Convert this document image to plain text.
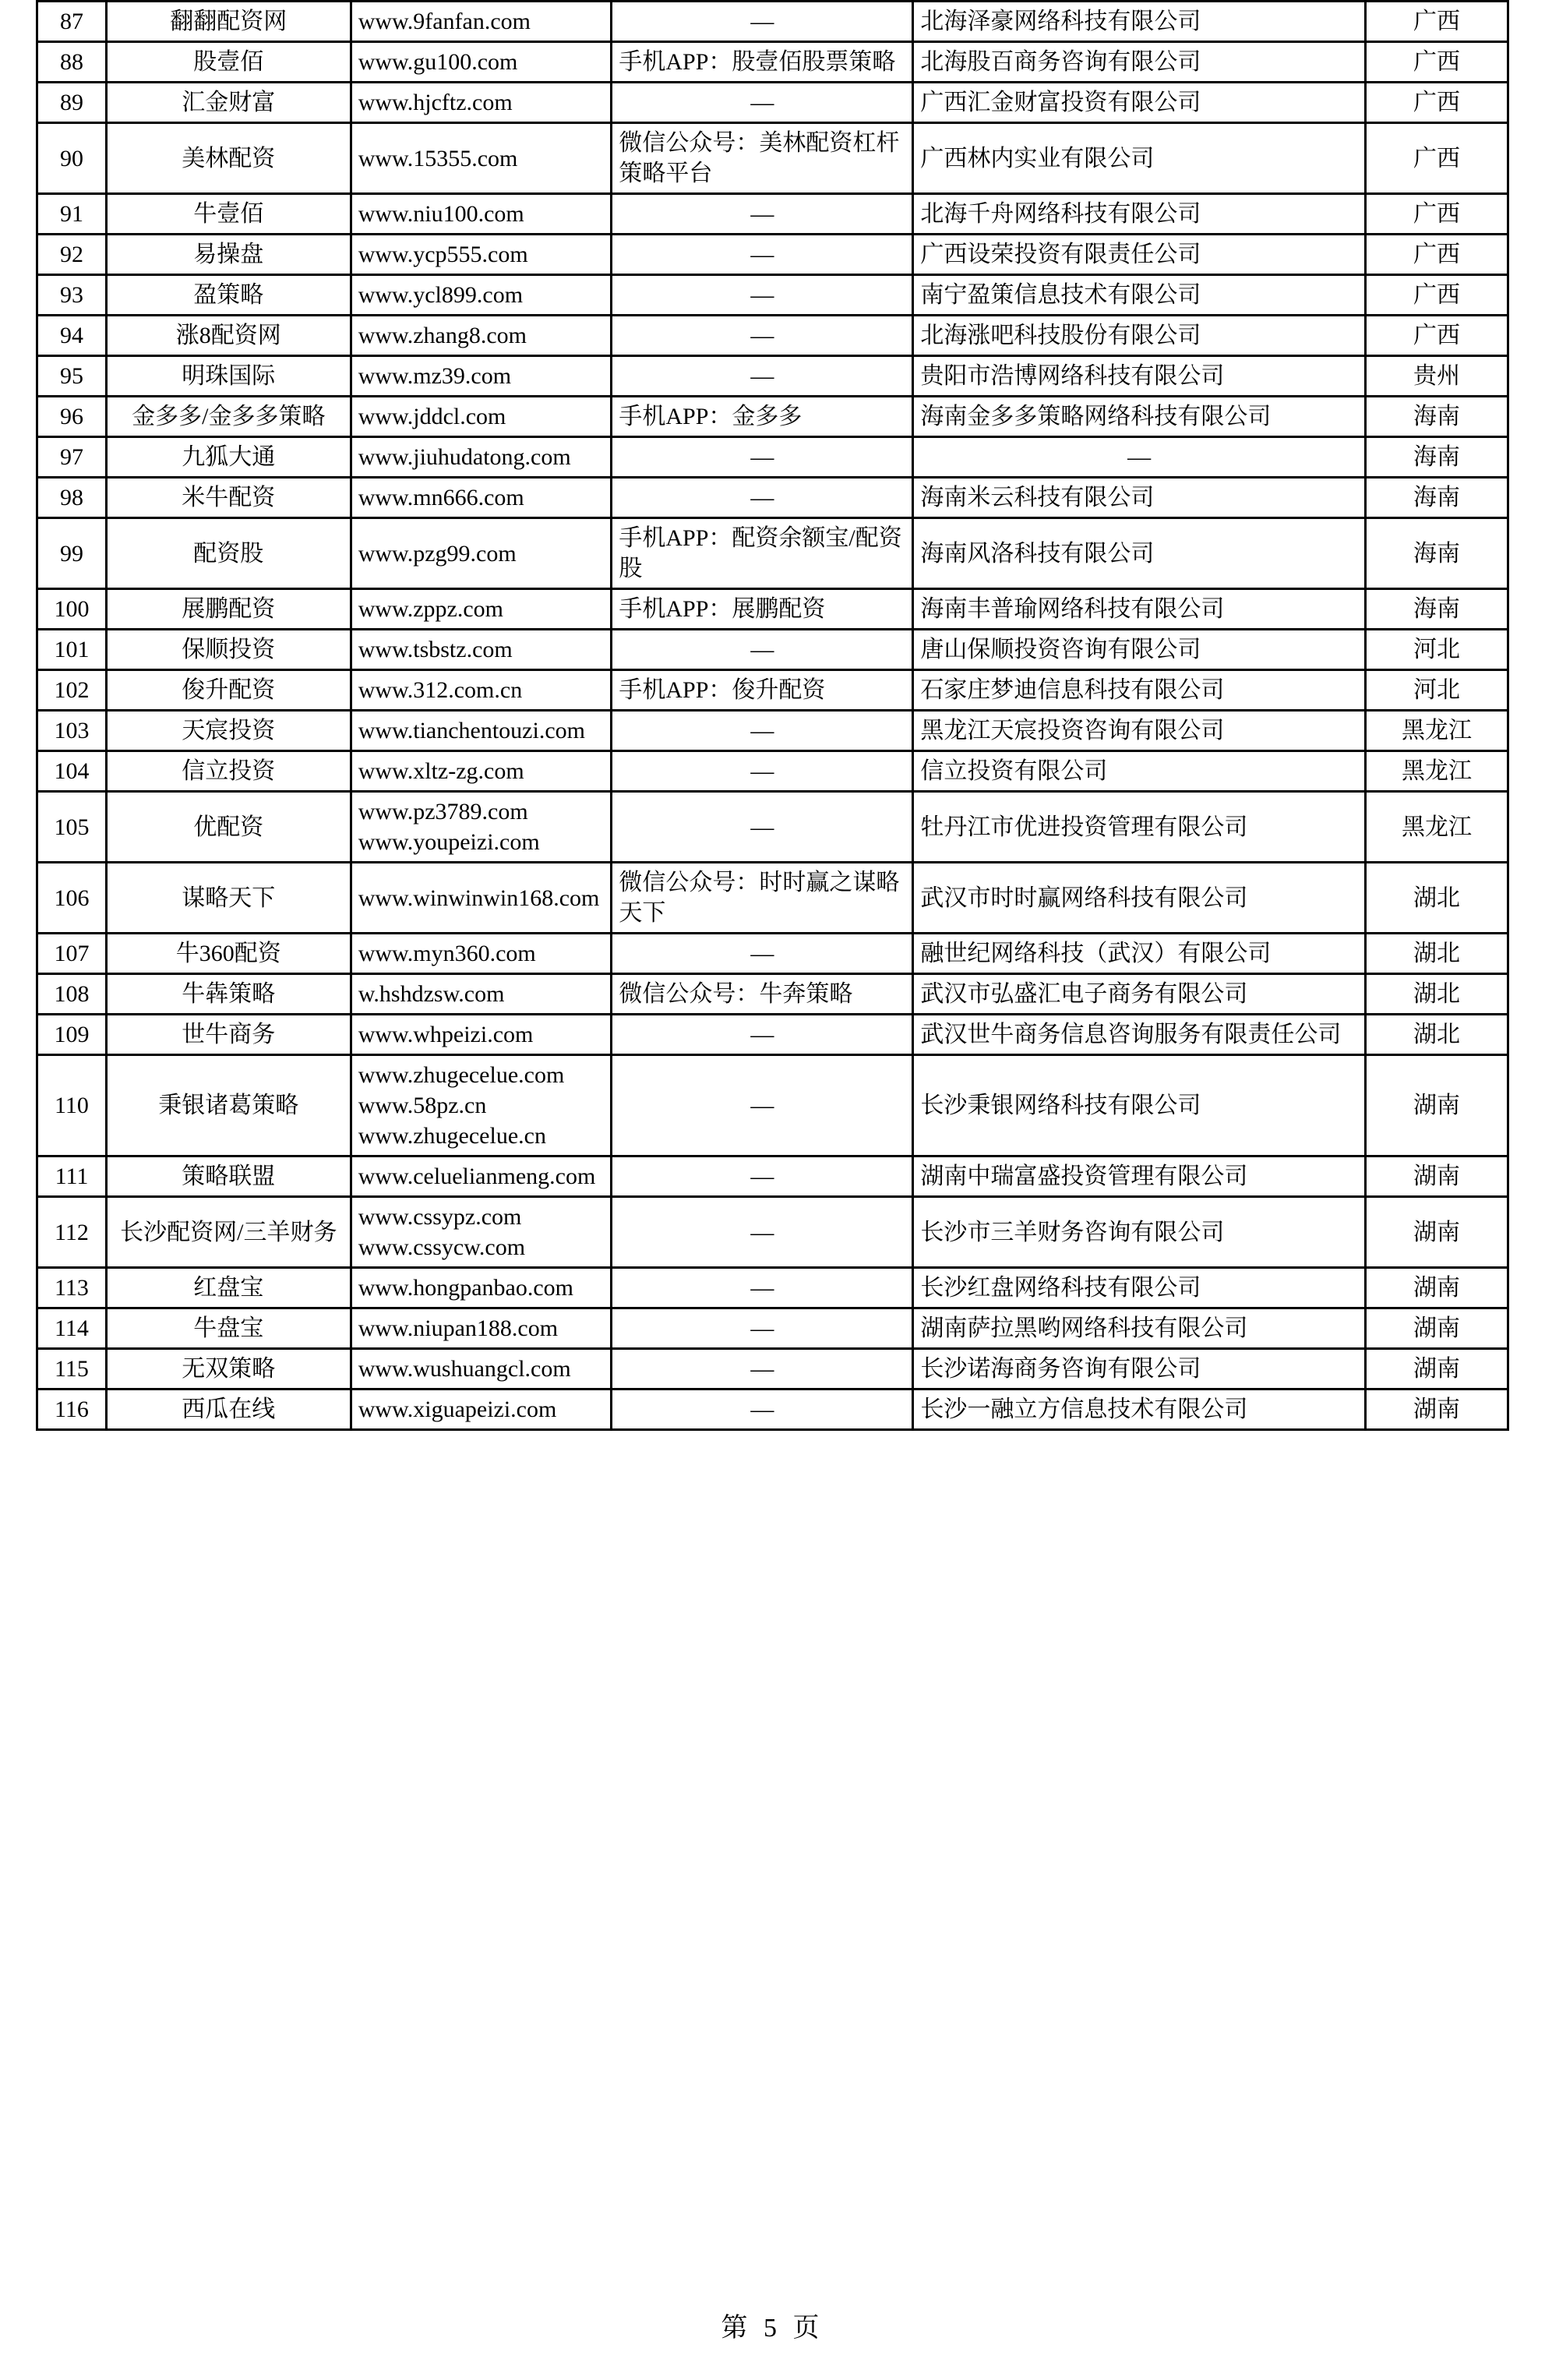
87	翻翻配资网	www.9fanfan.com	—	北海泽豪网络科技有限公司	广西
88	股壹佰	www.gu100.com	手机APP：股壹佰股票策略	北海股百商务咨询有限公司	广西
89	汇金财富	www.hjcftz.com	—	广西汇金财富投资有限公司	广西
90	美林配资	www.15355.com	微信公众号：美林配资杠杆策略平台	广西林内实业有限公司	广西
91	牛壹佰	www.niu100.com	—	北海千舟网络科技有限公司	广西
92	易操盘	www.ycp555.com	—	广西设荣投资有限责任公司	广西
93	盈策略	www.ycl899.com	—	南宁盈策信息技术有限公司	广西
94	涨8配资网	www.zhang8.com	—	北海涨吧科技股份有限公司	广西
95	明珠国际	www.mz39.com	—	贵阳市浩博网络科技有限公司	贵州
96	金多多/金多多策略	www.jddcl.com	手机APP：金多多	海南金多多策略网络科技有限公司	海南
97	九狐大通	www.jiuhudatong.com	—	—	海南
98	米牛配资	www.mn666.com	—	海南米云科技有限公司	海南
99	配资股	www.pzg99.com	手机APP：配资余额宝/配资股	海南风洛科技有限公司	海南
100	展鹏配资	www.zppz.com	手机APP：展鹏配资	海南丰普瑜网络科技有限公司	海南
101	保顺投资	www.tsbstz.com	—	唐山保顺投资咨询有限公司	河北
102	俊升配资	www.312.com.cn	手机APP：俊升配资	石家庄梦迪信息科技有限公司	河北
103	天宸投资	www.tianchentouzi.com	—	黑龙江天宸投资咨询有限公司	黑龙江
104	信立投资	www.xltz-zg.com	—	信立投资有限公司	黑龙江
105	优配资	www.pz3789.com
www.youpeizi.com	—	牡丹江市优进投资管理有限公司	黑龙江
106	谋略天下	www.winwinwin168.com	微信公众号：时时赢之谋略天下	武汉市时时赢网络科技有限公司	湖北
107	牛360配资	www.myn360.com	—	融世纪网络科技（武汉）有限公司	湖北
108	牛犇策略	w.hshdzsw.com	微信公众号：牛奔策略	武汉市弘盛汇电子商务有限公司	湖北
109	世牛商务	www.whpeizi.com	—	武汉世牛商务信息咨询服务有限责任公司	湖北
110	秉银诸葛策略	www.zhugecelue.com
www.58pz.cn
www.zhugecelue.cn	—	长沙秉银网络科技有限公司	湖南
111	策略联盟	www.celuelianmeng.com	—	湖南中瑞富盛投资管理有限公司	湖南
112	长沙配资网/三羊财务	www.cssypz.com
www.cssycw.com	—	长沙市三羊财务咨询有限公司	湖南
113	红盘宝	www.hongpanbao.com	—	长沙红盘网络科技有限公司	湖南
114	牛盘宝	www.niupan188.com	—	湖南萨拉黑哟网络科技有限公司	湖南
115	无双策略	www.wushuangcl.com	—	长沙诺海商务咨询有限公司	湖南
116	西瓜在线	www.xiguapeizi.com	—	长沙一融立方信息技术有限公司	湖南
第 5 页
